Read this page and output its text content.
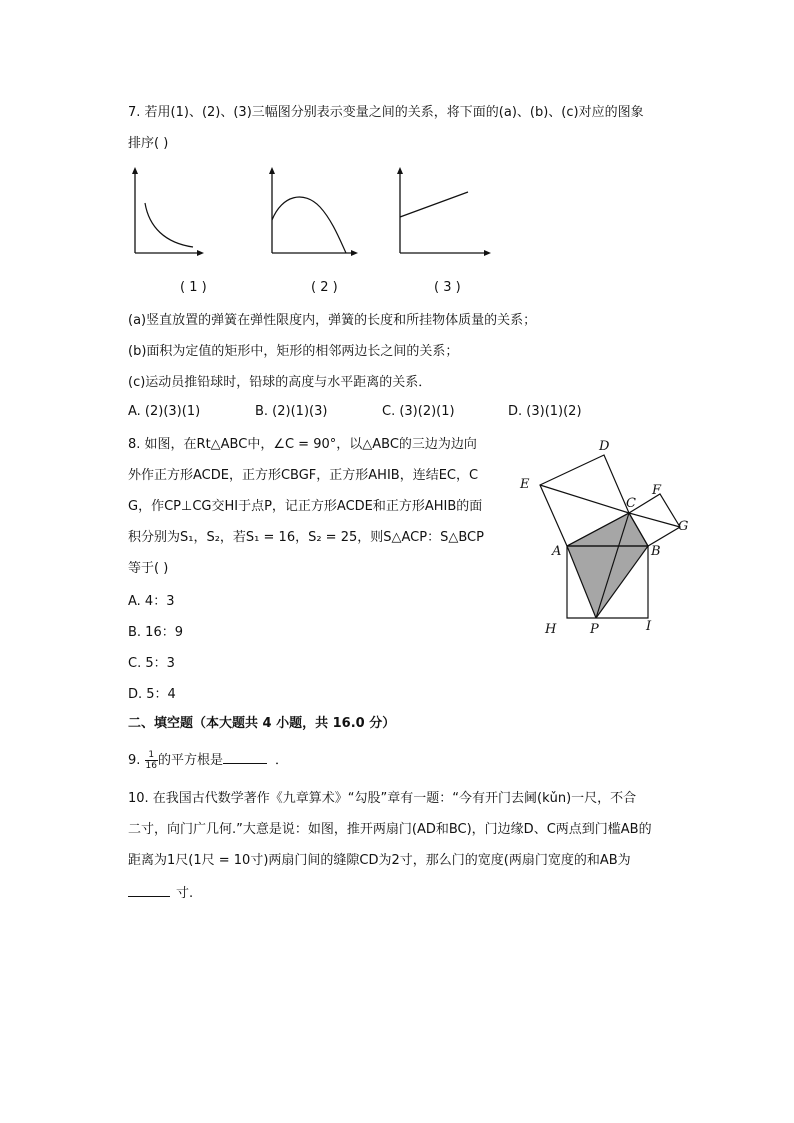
7. 若用(1)、(2)、(3)三幅图分别表示变量之间的关系，将下面的(a)、(b)、(c)对应的图象
排序( )
( 1 )	( 2 )	( 3 )
(a)竖直放置的弹簧在弹性限度内，弹簧的长度和所挂物体质量的关系；
(b)面积为定值的矩形中，矩形的相邻两边长之间的关系；
(c)运动员推铅球时，铅球的高度与水平距离的关系．
A. (2)(3)(1)	B. (2)(1)(3)	C. (3)(2)(1)	D. (3)(1)(2)
8. 如图，在Rt△ABC中，∠C = 90°，以△ABC的三边为边向
外作正方形ACDE，正方形CBGF，正方形AHIB，连结EC，C
G，作CP⊥CG交HI于点P，记正方形ACDE和正方形AHIB的面
积分别为S₁，S₂，若S₁ = 16，S₂ = 25，则S△ACP：S△BCP
等于( )
A. 4：3
B. 16：9
C. 5：3
D. 5：4
D
E
C
F
G
A	B
H	P	I
二、填空题（本大题共 4 小题，共 16.0 分）
9. $\frac{1}{16}$ 的平方根是	．
10. 在我国古代数学著作《九章算术》“勾股”章有一题：“今有开门去阃(kǔn)一尺，不合
二寸，向门广几何.”大意是说：如图，推开两扇门(AD和BC)，门边缘D、C两点到门槛AB的
距离为1尺(1尺 = 10寸)两扇门间的缝隙CD为2寸，那么门的宽度(两扇门宽度的和AB为
寸.
